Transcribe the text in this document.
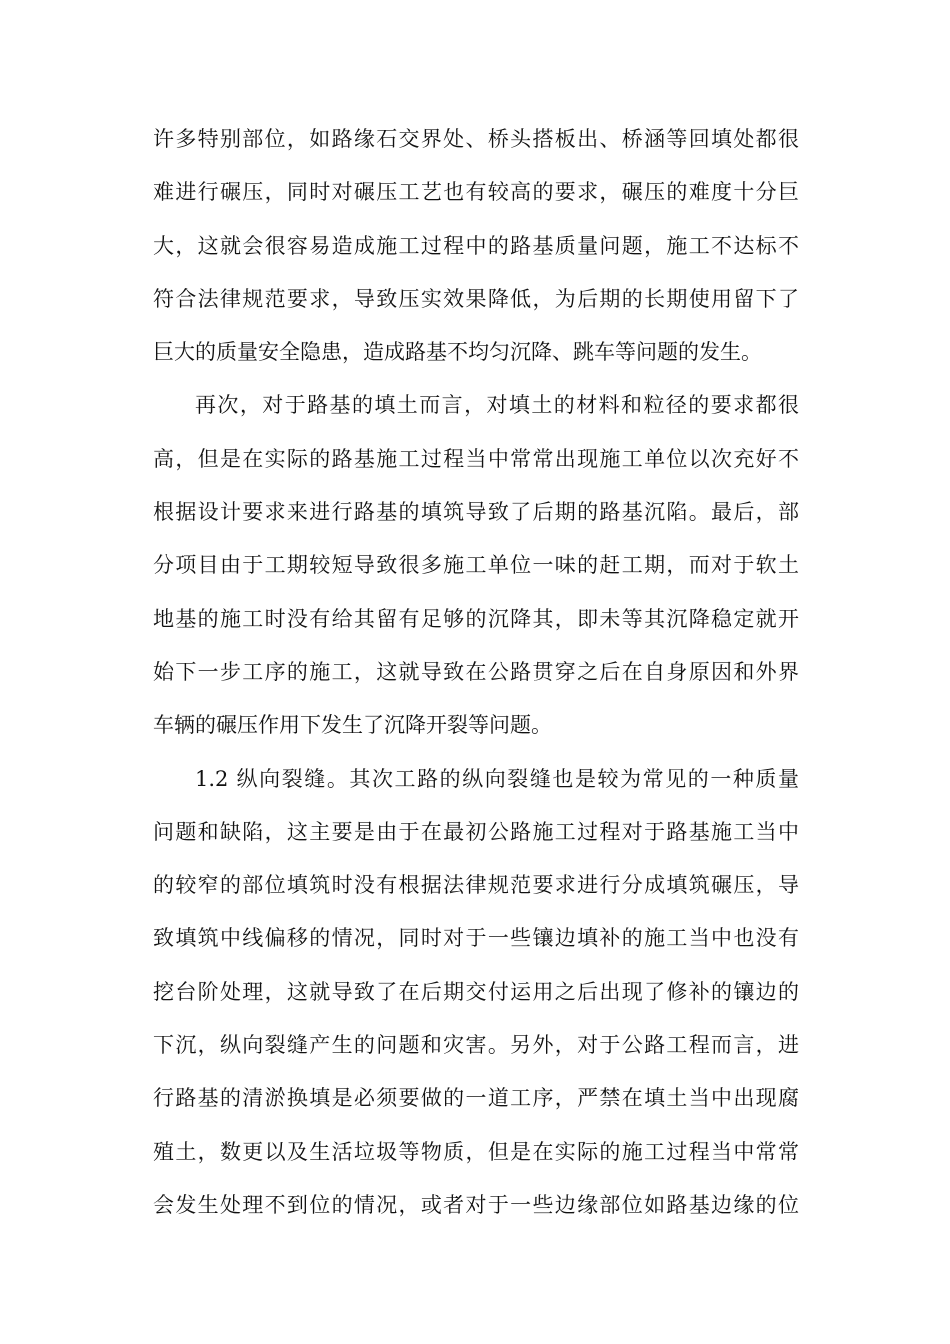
许多特别部位，如路缘石交界处、桥头搭板出、桥涵等回填处都很
难进行碾压，同时对碾压工艺也有较高的要求，碾压的难度十分巨
大，这就会很容易造成施工过程中的路基质量问题，施工不达标不
符合法律规范要求，导致压实效果降低，为后期的长期使用留下了
巨大的质量安全隐患，造成路基不均匀沉降、跳车等问题的发生。
再次，对于路基的填土而言，对填土的材料和粒径的要求都很
高，但是在实际的路基施工过程当中常常出现施工单位以次充好不
根据设计要求来进行路基的填筑导致了后期的路基沉陷。最后，部
分项目由于工期较短导致很多施工单位一味的赶工期，而对于软土
地基的施工时没有给其留有足够的沉降其，即未等其沉降稳定就开
始下一步工序的施工，这就导致在公路贯穿之后在自身原因和外界
车辆的碾压作用下发生了沉降开裂等问题。
1.2 纵向裂缝。其次工路的纵向裂缝也是较为常见的一种质量
问题和缺陷，这主要是由于在最初公路施工过程对于路基施工当中
的较窄的部位填筑时没有根据法律规范要求进行分成填筑碾压，导
致填筑中线偏移的情况，同时对于一些镶边填补的施工当中也没有
挖台阶处理，这就导致了在后期交付运用之后出现了修补的镶边的
下沉，纵向裂缝产生的问题和灾害。另外，对于公路工程而言，进
行路基的清淤换填是必须要做的一道工序，严禁在填土当中出现腐
殖土，数更以及生活垃圾等物质，但是在实际的施工过程当中常常
会发生处理不到位的情况，或者对于一些边缘部位如路基边缘的位
